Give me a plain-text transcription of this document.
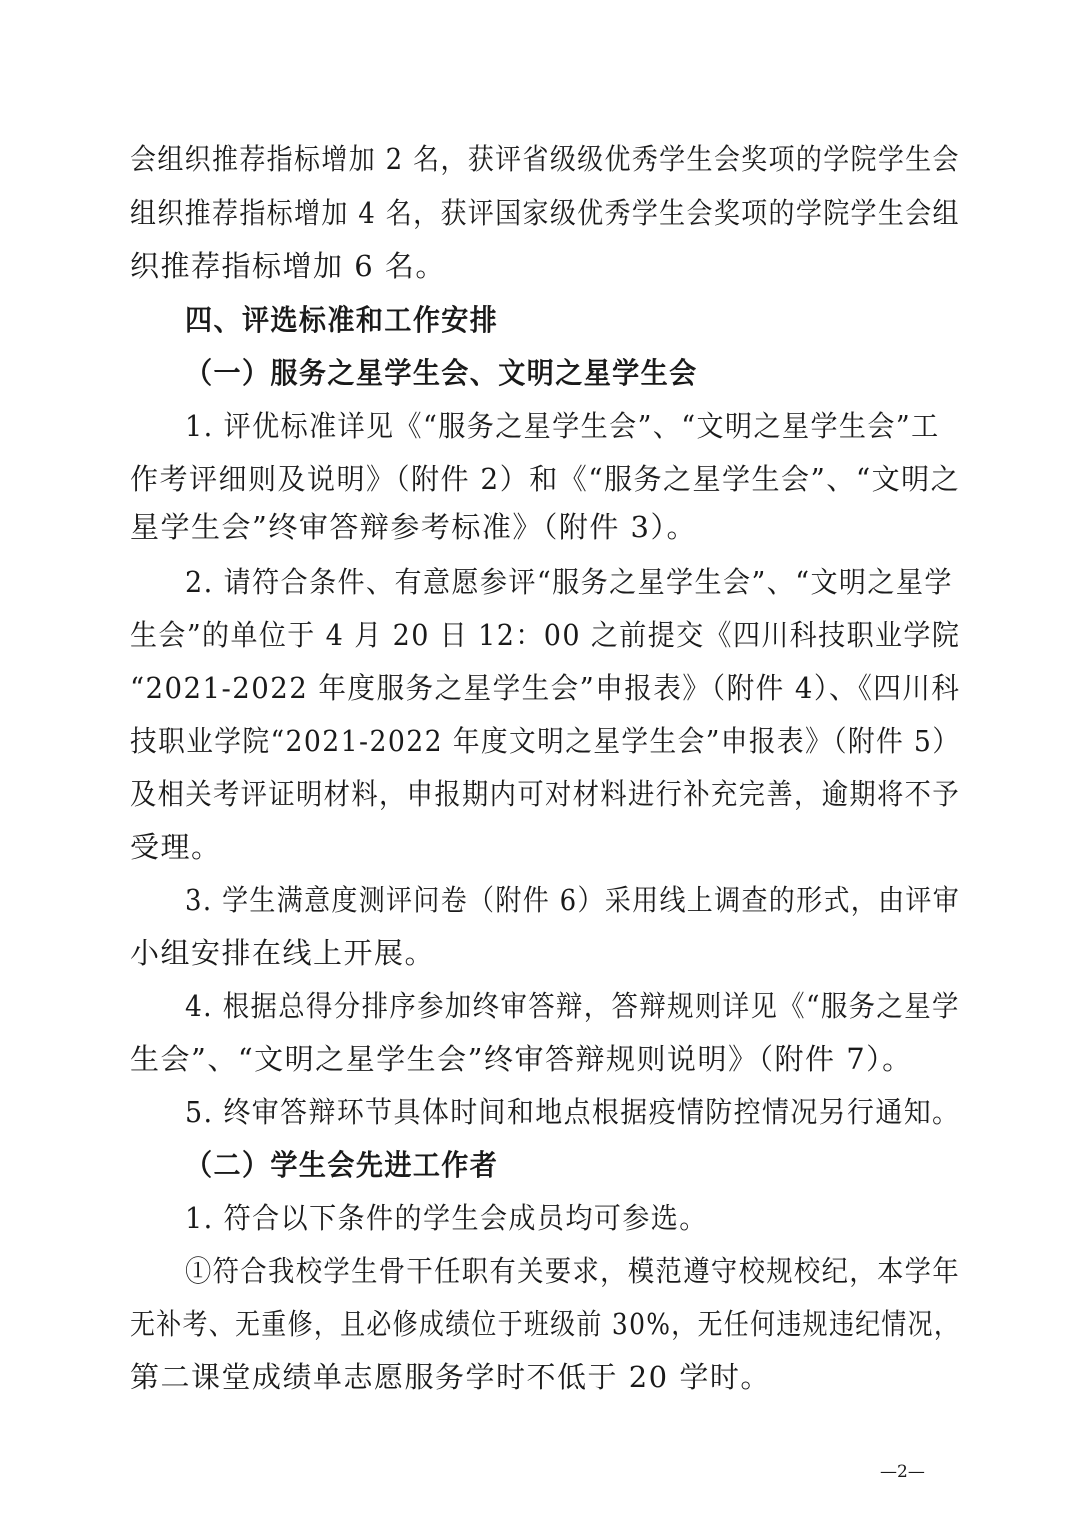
会组织推荐指标增加 2 名，获评省级级优秀学生会奖项的学院学生会
组织推荐指标增加 4 名，获评国家级优秀学生会奖项的学院学生会组
织推荐指标增加 6 名。
四、评选标准和工作安排
（一）服务之星学生会、文明之星学生会
1. 评优标准详见《“服务之星学生会”、“文明之星学生会”工
作考评细则及说明》（附件 2）和《“服务之星学生会”、“文明之
星学生会”终审答辩参考标准》（附件 3）。
2. 请符合条件、有意愿参评“服务之星学生会”、“文明之星学
生会”的单位于 4 月 20 日 12：00 之前提交《四川科技职业学院
“2021-2022 年度服务之星学生会”申报表》（附件 4）、《四川科
技职业学院“2021-2022 年度文明之星学生会”申报表》（附件 5）
及相关考评证明材料，申报期内可对材料进行补充完善，逾期将不予
受理。
3. 学生满意度测评问卷（附件 6）采用线上调查的形式，由评审
小组安排在线上开展。
4. 根据总得分排序参加终审答辩，答辩规则详见《“服务之星学
生会”、“文明之星学生会”终审答辩规则说明》（附件 7）。
5. 终审答辩环节具体时间和地点根据疫情防控情况另行通知。
（二）学生会先进工作者
1. 符合以下条件的学生会成员均可参选。
①符合我校学生骨干任职有关要求，模范遵守校规校纪，本学年
无补考、无重修，且必修成绩位于班级前 30%，无任何违规违纪情况，
第二课堂成绩单志愿服务学时不低于 20 学时。
—2—
